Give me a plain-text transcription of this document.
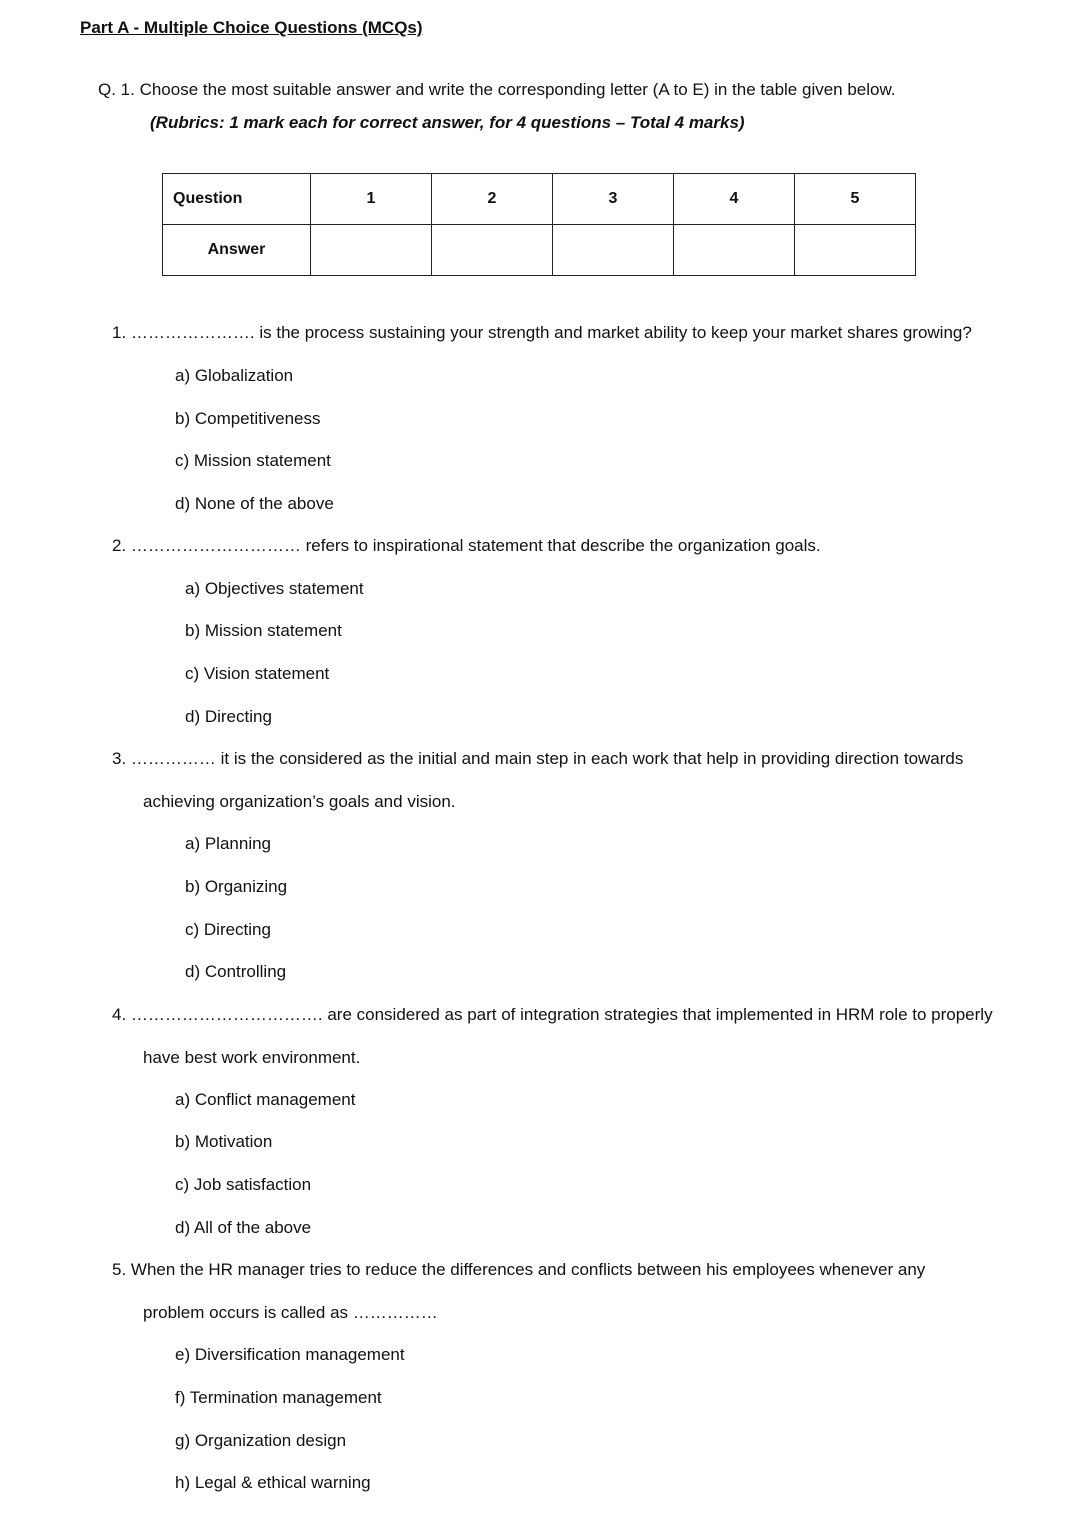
Part A - Multiple Choice Questions (MCQs)
Q. 1. Choose the most suitable answer and write the corresponding letter (A to E) in the table given below.
(Rubrics: 1 mark each for correct answer, for 4 questions – Total 4 marks)
Question	1	2	3	4	5
Answer					
1. …………………. is the process sustaining your strength and market ability to keep your market shares growing?
a) Globalization
b) Competitiveness
c) Mission statement
d) None of the above
2. ………………………… refers to inspirational statement that describe the organization goals.
a) Objectives statement
b) Mission statement
c) Vision statement
d) Directing
3. …………… it is the considered as the initial and main step in each work that help in providing direction towards
achieving organization’s goals and vision.
a) Planning
b) Organizing
c) Directing
d) Controlling
4. ……………………………. are considered as part of integration strategies that implemented in HRM role to properly
have best work environment.
a) Conflict management
b) Motivation
c) Job satisfaction
d) All of the above
5. When the HR manager tries to reduce the differences and conflicts between his employees whenever any
problem occurs is called as ……………
e) Diversification management
f) Termination management
g) Organization design
h) Legal & ethical warning
